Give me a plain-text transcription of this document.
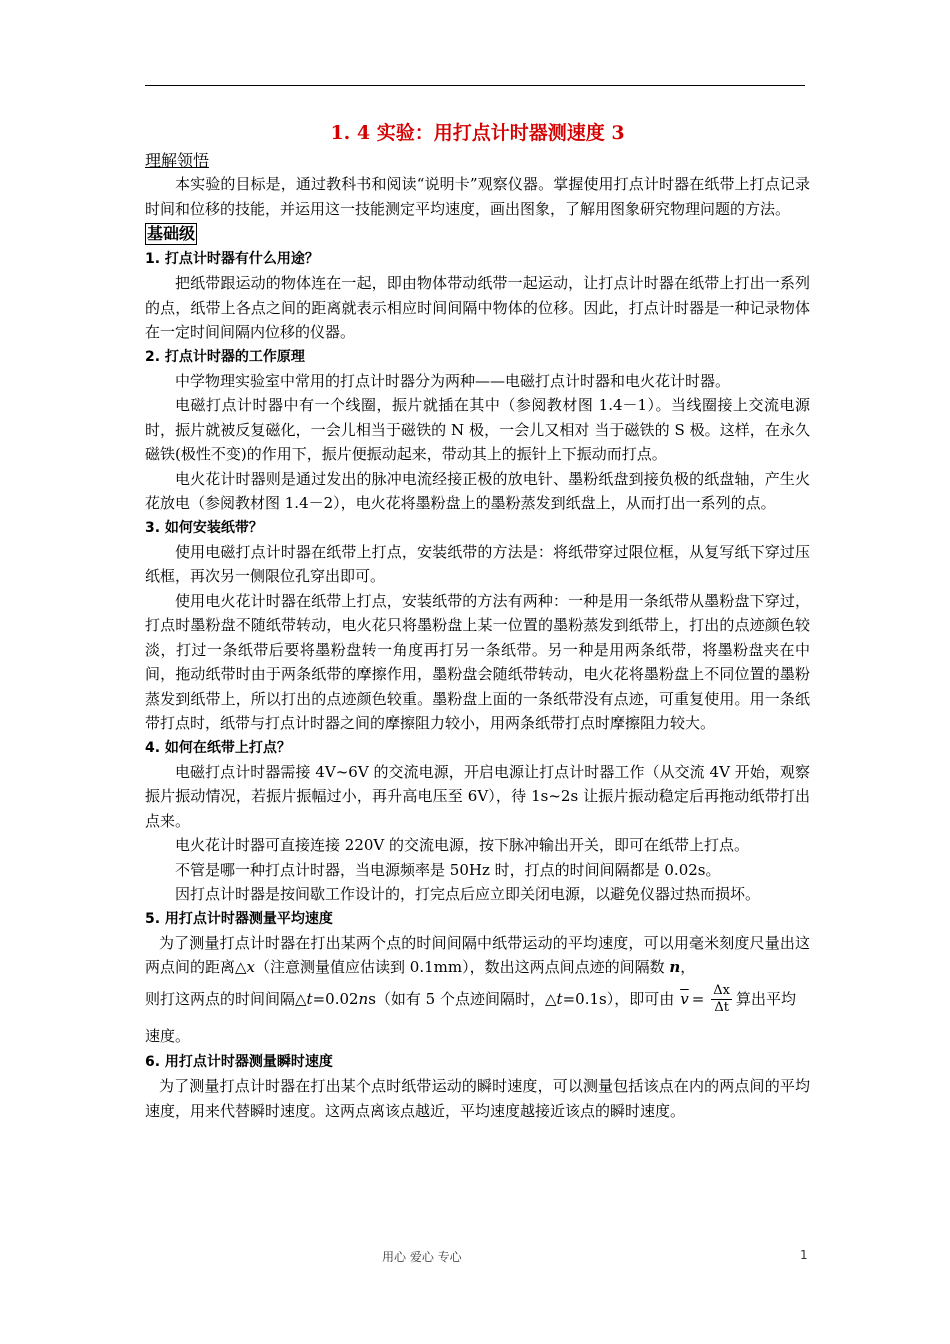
1. 4 实验：用打点计时器测速度 3
理解领悟

本实验的目标是，通过教科书和阅读“说明卡”观察仪器。掌握使用打点计时器在纸带上打点记录时间和位移的技能，并运用这一技能测定平均速度，画出图象，了解用图象研究物理问题的方法。

基础级
1. 打点计时器有什么用途？

把纸带跟运动的物体连在一起，即由物体带动纸带一起运动，让打点计时器在纸带上打出一系列的点，纸带上各点之间的距离就表示相应时间间隔中物体的位移。因此，打点计时器是一种记录物体在一定时间间隔内位移的仪器。

2. 打点计时器的工作原理

中学物理实验室中常用的打点计时器分为两种——电磁打点计时器和电火花计时器。

电磁打点计时器中有一个线圈，振片就插在其中（参阅教材图 1.4－1）。当线圈接上交流电源时，振片就被反复磁化，一会儿相当于磁铁的 N 极，一会儿又相对 当于磁铁的 S 极。这样，在永久磁铁(极性不变)的作用下，振片便振动起来，带动其上的振针上下振动而打点。

电火花计时器则是通过发出的脉冲电流经接正极的放电针、墨粉纸盘到接负极的纸盘轴，产生火花放电（参阅教材图 1.4－2），电火花将墨粉盘上的墨粉蒸发到纸盘上，从而打出一系列的点。

3. 如何安装纸带？

使用电磁打点计时器在纸带上打点，安装纸带的方法是：将纸带穿过限位框，从复写纸下穿过压纸框，再次另一侧限位孔穿出即可。

使用电火花计时器在纸带上打点，安装纸带的方法有两种：一种是用一条纸带从墨粉盘下穿过，打点时墨粉盘不随纸带转动，电火花只将墨粉盘上某一位置的墨粉蒸发到纸带上，打出的点迹颜色较淡，打过一条纸带后要将墨粉盘转一角度再打另一条纸带。另一种是用两条纸带，将墨粉盘夹在中间，拖动纸带时由于两条纸带的摩擦作用，墨粉盘会随纸带转动，电火花将墨粉盘上不同位置的墨粉蒸发到纸带上，所以打出的点迹颜色较重。墨粉盘上面的一条纸带没有点迹，可重复使用。用一条纸带打点时，纸带与打点计时器之间的摩擦阻力较小，用两条纸带打点时摩擦阻力较大。

4. 如何在纸带上打点？

电磁打点计时器需接 4V~6V 的交流电源，开启电源让打点计时器工作（从交流 4V 开始，观察振片振动情况，若振片振幅过小，再升高电压至 6V），待 1s~2s 让振片振动稳定后再拖动纸带打出点来。

电火花计时器可直接连接 220V 的交流电源，按下脉冲输出开关，即可在纸带上打点。

不管是哪一种打点计时器，当电源频率是 50Hz 时，打点的时间间隔都是 0.02s。

因打点计时器是按间歇工作设计的，打完点后应立即关闭电源，以避免仪器过热而损坏。

5. 用打点计时器测量平均速度

为了测量打点计时器在打出某两个点的时间间隔中纸带运动的平均速度，可以用毫米刻度尺量出这两点间的距离△x（注意测量值应估读到 0.1mm），数出这两点间点迹的间隔数 n，

则打这两点的时间间隔△ t =0.02 n s（如有 5 个点迹间隔时，△ t =0.1s），即可由 $\overline{v} = \frac{\Delta x}{\Delta t}$ 算出平均

速度。

6. 用打点计时器测量瞬时速度

为了测量打点计时器在打出某个点时纸带运动的瞬时速度，可以测量包括该点在内的两点间的平均速度，用来代替瞬时速度。这两点离该点越近，平均速度越接近该点的瞬时速度。

用心 爱心 专心	1
